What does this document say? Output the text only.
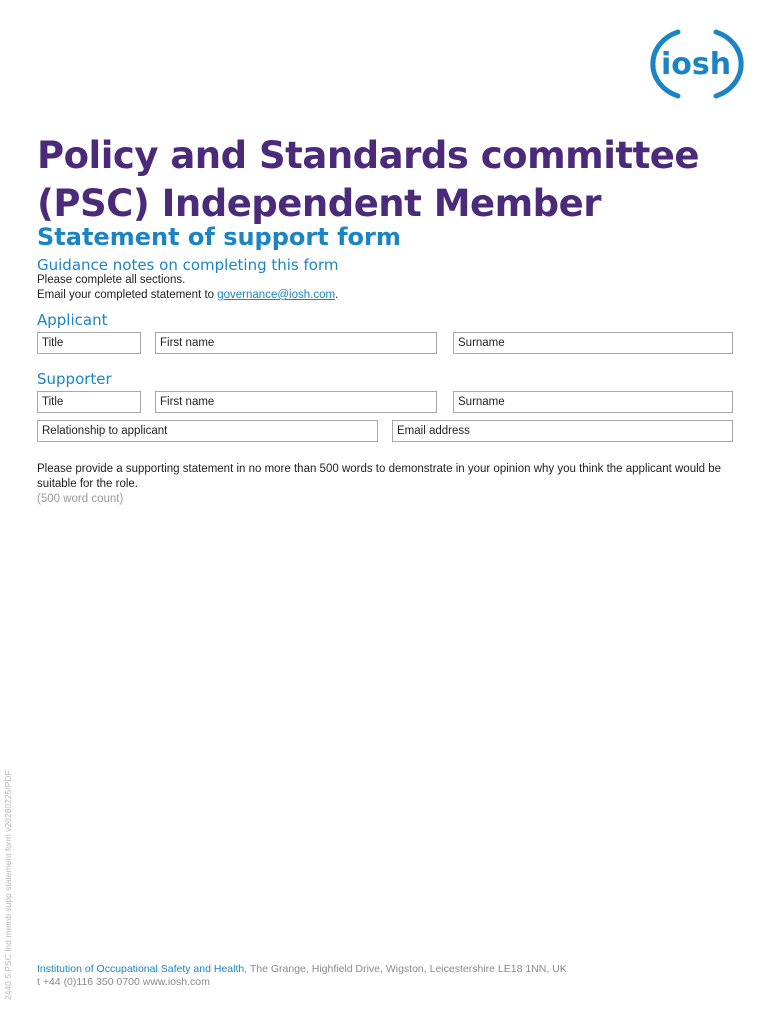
iosh
Policy and Standards committee
(PSC) Independent Member
Statement of support form
Guidance notes on completing this form
Please complete all sections.
Email your completed statement to governance@iosh.com.
Applicant
Title	First name	Surname
Supporter
Title	First name	Surname
Relationship to applicant	Email address
Please provide a supporting statement in no more than 500 words to demonstrate in your opinion why you think the applicant would be suitable for the role.
(500 word count)
Institution of Occupational Safety and Health, The Grange, Highfield Drive, Wigston, Leicestershire LE18 1NN, UK
t +44 (0)116 350 0700 www.iosh.com
2440.5 PSC Ind memb supp statement form v20280225/PDF
